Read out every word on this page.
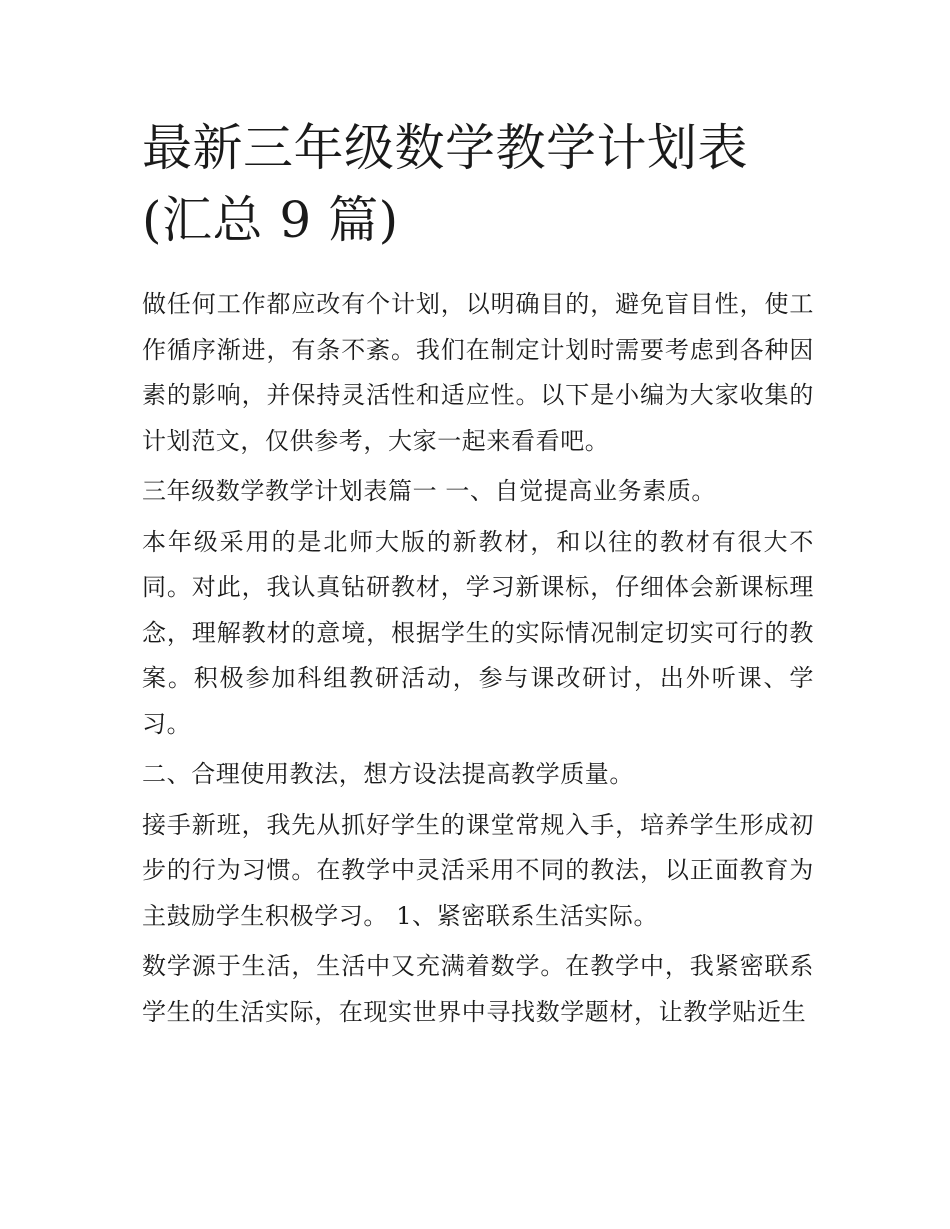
最新三年级数学教学计划表(汇总 9 篇)

做任何工作都应改有个计划，以明确目的，避免盲目性，使工作循序渐进，有条不紊。我们在制定计划时需要考虑到各种因素的影响，并保持灵活性和适应性。以下是小编为大家收集的计划范文，仅供参考，大家一起来看看吧。

三年级数学教学计划表篇一 一、自觉提高业务素质。

本年级采用的是北师大版的新教材，和以往的教材有很大不同。对此，我认真钻研教材，学习新课标，仔细体会新课标理念，理解教材的意境，根据学生的实际情况制定切实可行的教案。积极参加科组教研活动，参与课改研讨，出外听课、学习。

二、合理使用教法，想方设法提高教学质量。

接手新班，我先从抓好学生的课堂常规入手，培养学生形成初步的行为习惯。在教学中灵活采用不同的教法，以正面教育为主鼓励学生积极学习。 1、紧密联系生活实际。

数学源于生活，生活中又充满着数学。在教学中，我紧密联系学生的生活实际，在现实世界中寻找数学题材，让教学贴近生
